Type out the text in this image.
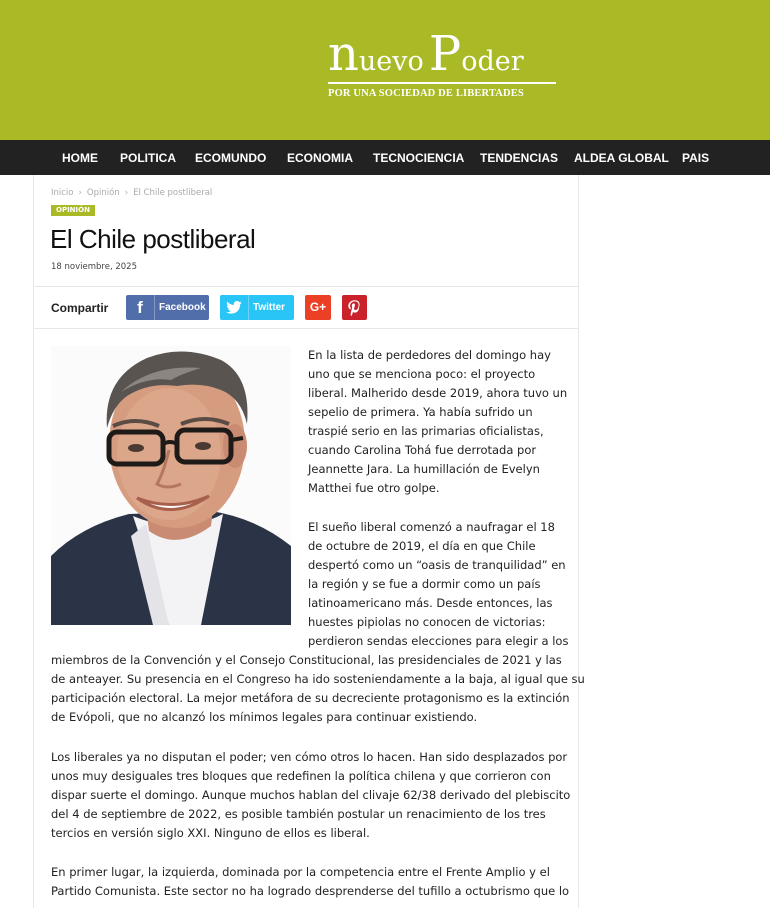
nuevo Poder
POR UNA SOCIEDAD DE LIBERTADES
HOME POLITICA ECOMUNDO ECONOMIA TECNOCIENCIA TENDENCIAS ALDEA GLOBAL PAIS
Inicio › Opinión › El Chile postliberal
OPINIÓN
El Chile postliberal
18 noviembre, 2025
Compartir	f	Facebook	Twitter	G+
En la lista de perdedores del domingo hay
uno que se menciona poco: el proyecto
liberal. Malherido desde 2019, ahora tuvo un
sepelio de primera. Ya había sufrido un
traspié serio en las primarias oficialistas,
cuando Carolina Tohá fue derrotada por
Jeannette Jara. La humillación de Evelyn
Matthei fue otro golpe.
El sueño liberal comenzó a naufragar el 18
de octubre de 2019, el día en que Chile
despertó como un “oasis de tranquilidad” en
la región y se fue a dormir como un país
latinoamericano más. Desde entonces, las
huestes pipiolas no conocen de victorias:
perdieron sendas elecciones para elegir a los
miembros de la Convención y el Consejo Constitucional, las presidenciales de 2021 y las
de anteayer. Su presencia en el Congreso ha ido sosteniendamente a la baja, al igual que su
participación electoral. La mejor metáfora de su decreciente protagonismo es la extinción
de Evópoli, que no alcanzó los mínimos legales para continuar existiendo.
Los liberales ya no disputan el poder; ven cómo otros lo hacen. Han sido desplazados por
unos muy desiguales tres bloques que redefinen la política chilena y que corrieron con
dispar suerte el domingo. Aunque muchos hablan del clivaje 62/38 derivado del plebiscito
del 4 de septiembre de 2022, es posible también postular un renacimiento de los tres
tercios en versión siglo XXI. Ninguno de ellos es liberal.
En primer lugar, la izquierda, dominada por la competencia entre el Frente Amplio y el
Partido Comunista. Este sector no ha logrado desprenderse del tufillo a octubrismo que lo
